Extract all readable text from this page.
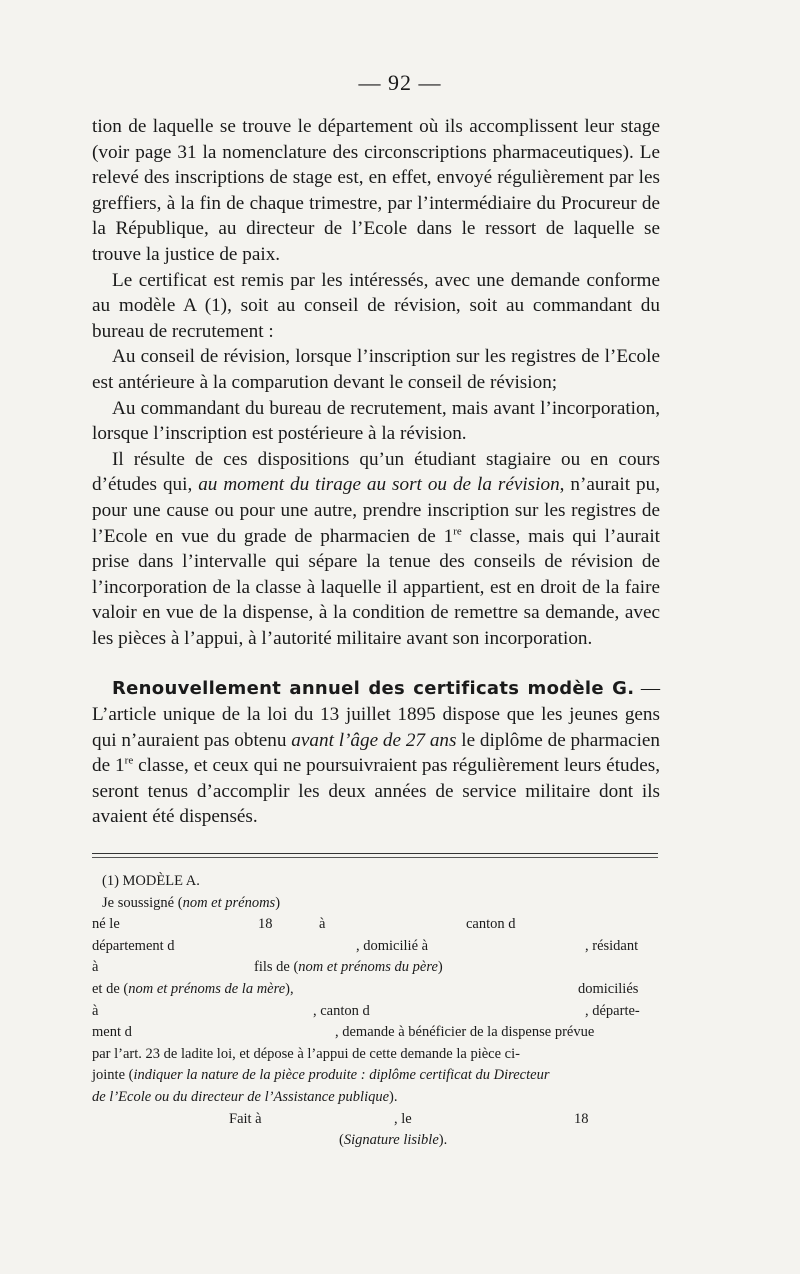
— 92 —

tion de laquelle se trouve le département où ils accomplissent leur stage (voir page 31 la nomenclature des circonscriptions pharmaceutiques). Le relevé des inscriptions de stage est, en effet, envoyé régulièrement par les greffiers, à la fin de chaque trimestre, par l’intermédiaire du Procureur de la République, au directeur de l’Ecole dans le ressort de laquelle se trouve la justice de paix.

Le certificat est remis par les intéressés, avec une demande conforme au modèle A (1), soit au conseil de révision, soit au commandant du bureau de recrutement :

Au conseil de révision, lorsque l’inscription sur les registres de l’Ecole est antérieure à la comparution devant le conseil de révision;

Au commandant du bureau de recrutement, mais avant l’incorporation, lorsque l’inscription est postérieure à la révision.

Il résulte de ces dispositions qu’un étudiant stagiaire ou en cours d’études qui, au moment du tirage au sort ou de la révision, n’aurait pu, pour une cause ou pour une autre, prendre inscription sur les registres de l’Ecole en vue du grade de pharmacien de 1re classe, mais qui l’aurait prise dans l’intervalle qui sépare la tenue des conseils de révision de l’incorporation de la classe à laquelle il appartient, est en droit de la faire valoir en vue de la dispense, à la condition de remettre sa demande, avec les pièces à l’appui, à l’autorité militaire avant son incorporation.

Renouvellement annuel des certificats modèle G. — L’article unique de la loi du 13 juillet 1895 dispose que les jeunes gens qui n’auraient pas obtenu avant l’âge de 27 ans le diplôme de pharmacien de 1re classe, et ceux qui ne poursuivraient pas régulièrement leurs études, seront tenus d’accomplir les deux années de service militaire dont ils avaient été dispensés.

(1) MODÈLE A.
Je soussigné (nom et prénoms)
né le	18	à	canton d
département d	, domicilié à	, résidant
à	fils de (nom et prénoms du père)
et de (nom et prénoms de la mère),	domiciliés
à	, canton d	, départe-
ment d	, demande à bénéficier de la dispense prévue
par l’art. 23 de ladite loi, et dépose à l’appui de cette demande la pièce ci-
jointe (indiquer la nature de la pièce produite : diplôme certificat du Directeur
de l’Ecole ou du directeur de l’Assistance publique).
Fait à	, le	18
(Signature lisible).
